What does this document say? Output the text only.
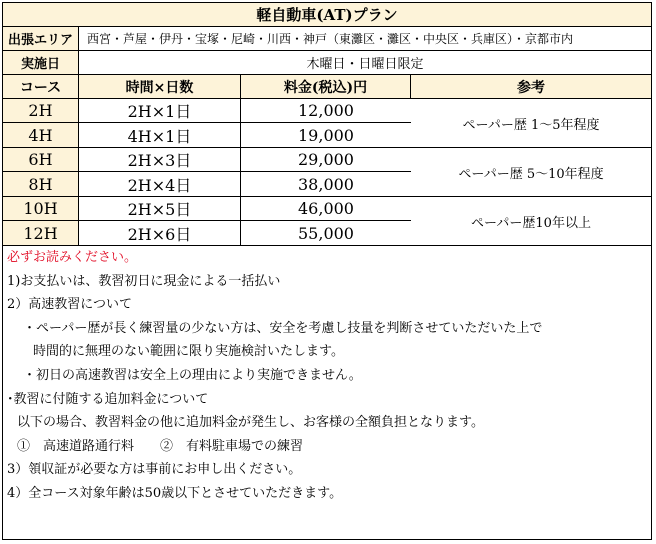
軽自動車(AT)プラン
出張エリア	西宮・芦屋・伊丹・宝塚・尼崎・川西・神戸（東灘区・灘区・中央区・兵庫区）・京都市内
実施日	木曜日・日曜日限定
コース	時間×日数	料金(税込)円	参考
2H	2H×1日	12,000
4H	4H×1日	19,000
ペーパー歴 1～5年程度
6H	2H×3日	29,000
8H	2H×4日	38,000
ペーパー歴 5～10年程度
10H	2H×5日	46,000
12H	2H×6日	55,000
ペーパー歴10年以上
必ずお読みください。
1)お支払いは、教習初日に現金による一括払い
2）高速教習について
・ペーパー歴が長く練習量の少ない方は、安全を考慮し技量を判断させていただいた上で
時間的に無理のない範囲に限り実施検討いたします。
・初日の高速教習は安全上の理由により実施できません。
･教習に付随する追加料金について
以下の場合、教習料金の他に追加料金が発生し、お客様の全額負担となります。
①　高速道路通行料　　②　有料駐車場での練習
3）領収証が必要な方は事前にお申し出ください。
4）全コース対象年齢は50歳以下とさせていただきます。
